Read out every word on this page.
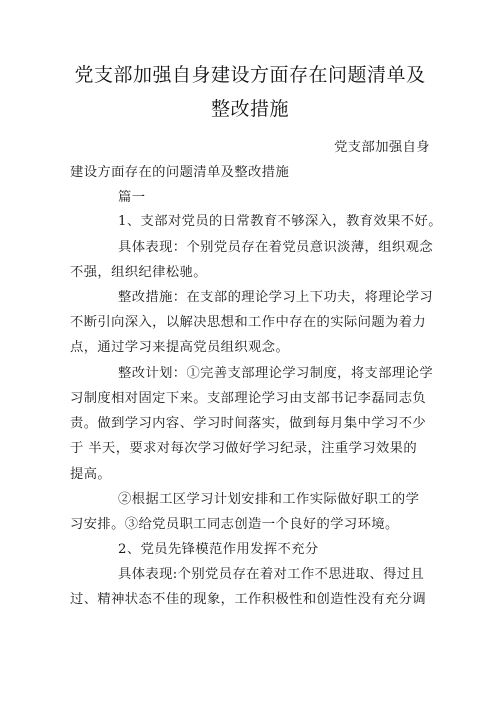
党支部加强自身建设方面存在问题清单及
整改措施
党支部加强自身
建设方面存在的问题清单及整改措施
篇一
1、支部对党员的日常教育不够深入，教育效果不好。
具体表现：个别党员存在着党员意识淡薄，组织观念
不强，组织纪律松驰。
整改措施：在支部的理论学习上下功夫，将理论学习
不断引向深入，以解决思想和工作中存在的实际问题为着力
点，通过学习来提高党员组织观念。
整改计划：①完善支部理论学习制度，将支部理论学
习制度相对固定下来。支部理论学习由支部书记李磊同志负
责。做到学习内容、学习时间落实，做到每月集中学习不少
于 半天，要求对每次学习做好学习纪录，注重学习效果的
提高。
②根据工区学习计划安排和工作实际做好职工的学
习安排。③给党员职工同志创造一个良好的学习环境。
2、党员先锋模范作用发挥不充分
具体表现:个别党员存在着对工作不思进取、得过且
过、精神状态不佳的现象，工作积极性和创造性没有充分调
